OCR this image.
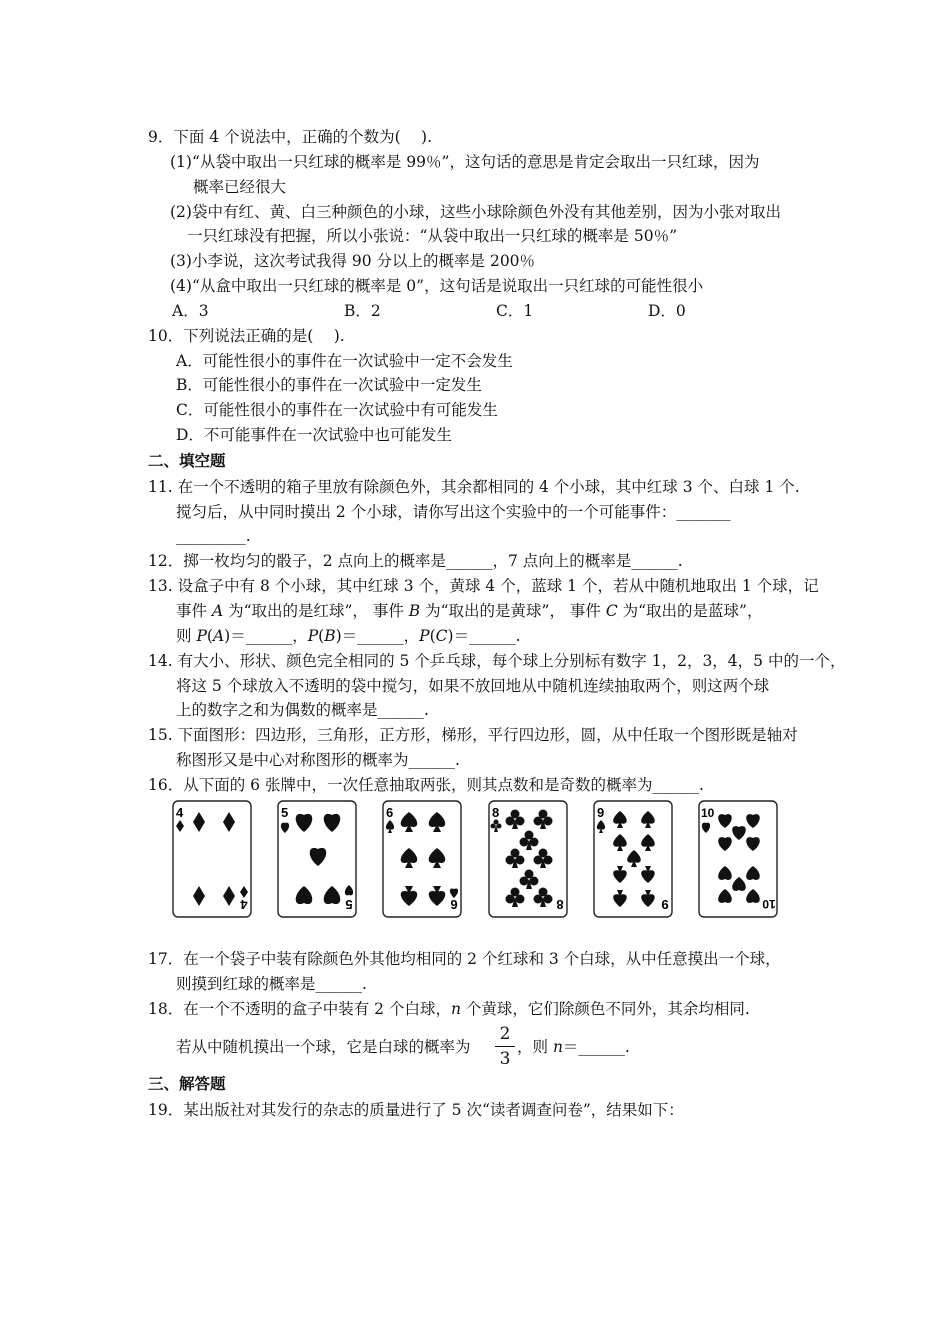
9．下面 4 个说法中，正确的个数为(　 ).
(1)“从袋中取出一只红球的概率是 99％”，这句话的意思是肯定会取出一只红球，因为
概率已经很大
(2)袋中有红、黄、白三种颜色的小球，这些小球除颜色外没有其他差别，因为小张对取出
一只红球没有把握，所以小张说：“从袋中取出一只红球的概率是 50％”
(3)小李说，这次考试我得 90 分以上的概率是 200％
(4)“从盒中取出一只红球的概率是 0”，这句话是说取出一只红球的可能性很小
A．3	B．2	C．1	D．0
10．下列说法正确的是(　 ).
A．可能性很小的事件在一次试验中一定不会发生
B．可能性很小的事件在一次试验中一定发生
C．可能性很小的事件在一次试验中有可能发生
D．不可能事件在一次试验中也可能发生
二、填空题
11. 在一个不透明的箱子里放有除颜色外，其余都相同的 4 个小球，其中红球 3 个、白球 1 个.
搅匀后，从中同时摸出 2 个小球，请你写出这个实验中的一个可能事件：_______
_________.
12．掷一枚均匀的骰子，2 点向上的概率是______，7 点向上的概率是______.
13. 设盒子中有 8 个小球，其中红球 3 个，黄球 4 个，蓝球 1 个，若从中随机地取出 1 个球，记
事件 A 为“取出的是红球”， 事件 B 为“取出的是黄球”， 事件 C 为“取出的是蓝球”，
则 P(A)＝______，P(B)＝______，P(C)＝______.
14. 有大小、形状、颜色完全相同的 5 个乒乓球，每个球上分别标有数字 1，2，3，4，5 中的一个，
将这 5 个球放入不透明的袋中搅匀，如果不放回地从中随机连续抽取两个，则这两个球
上的数字之和为偶数的概率是______.
15. 下面图形：四边形，三角形，正方形，梯形，平行四边形，圆，从中任取一个图形既是轴对
称图形又是中心对称图形的概率为______.
16．从下面的 6 张牌中，一次任意抽取两张，则其点数和是奇数的概率为______.
4
4
5
5
6
6
8
8
9
9
10
10
17．在一个袋子中装有除颜色外其他均相同的 2 个红球和 3 个白球，从中任意摸出一个球，
则摸到红球的概率是______.
18．在一个不透明的盒子中装有 2 个白球，n 个黄球，它们除颜色不同外，其余均相同.
若从中随机摸出一个球，它是白球的概率为
2
3
，则 n＝______.
三、解答题
19．某出版社对其发行的杂志的质量进行了 5 次“读者调查问卷”，结果如下：
